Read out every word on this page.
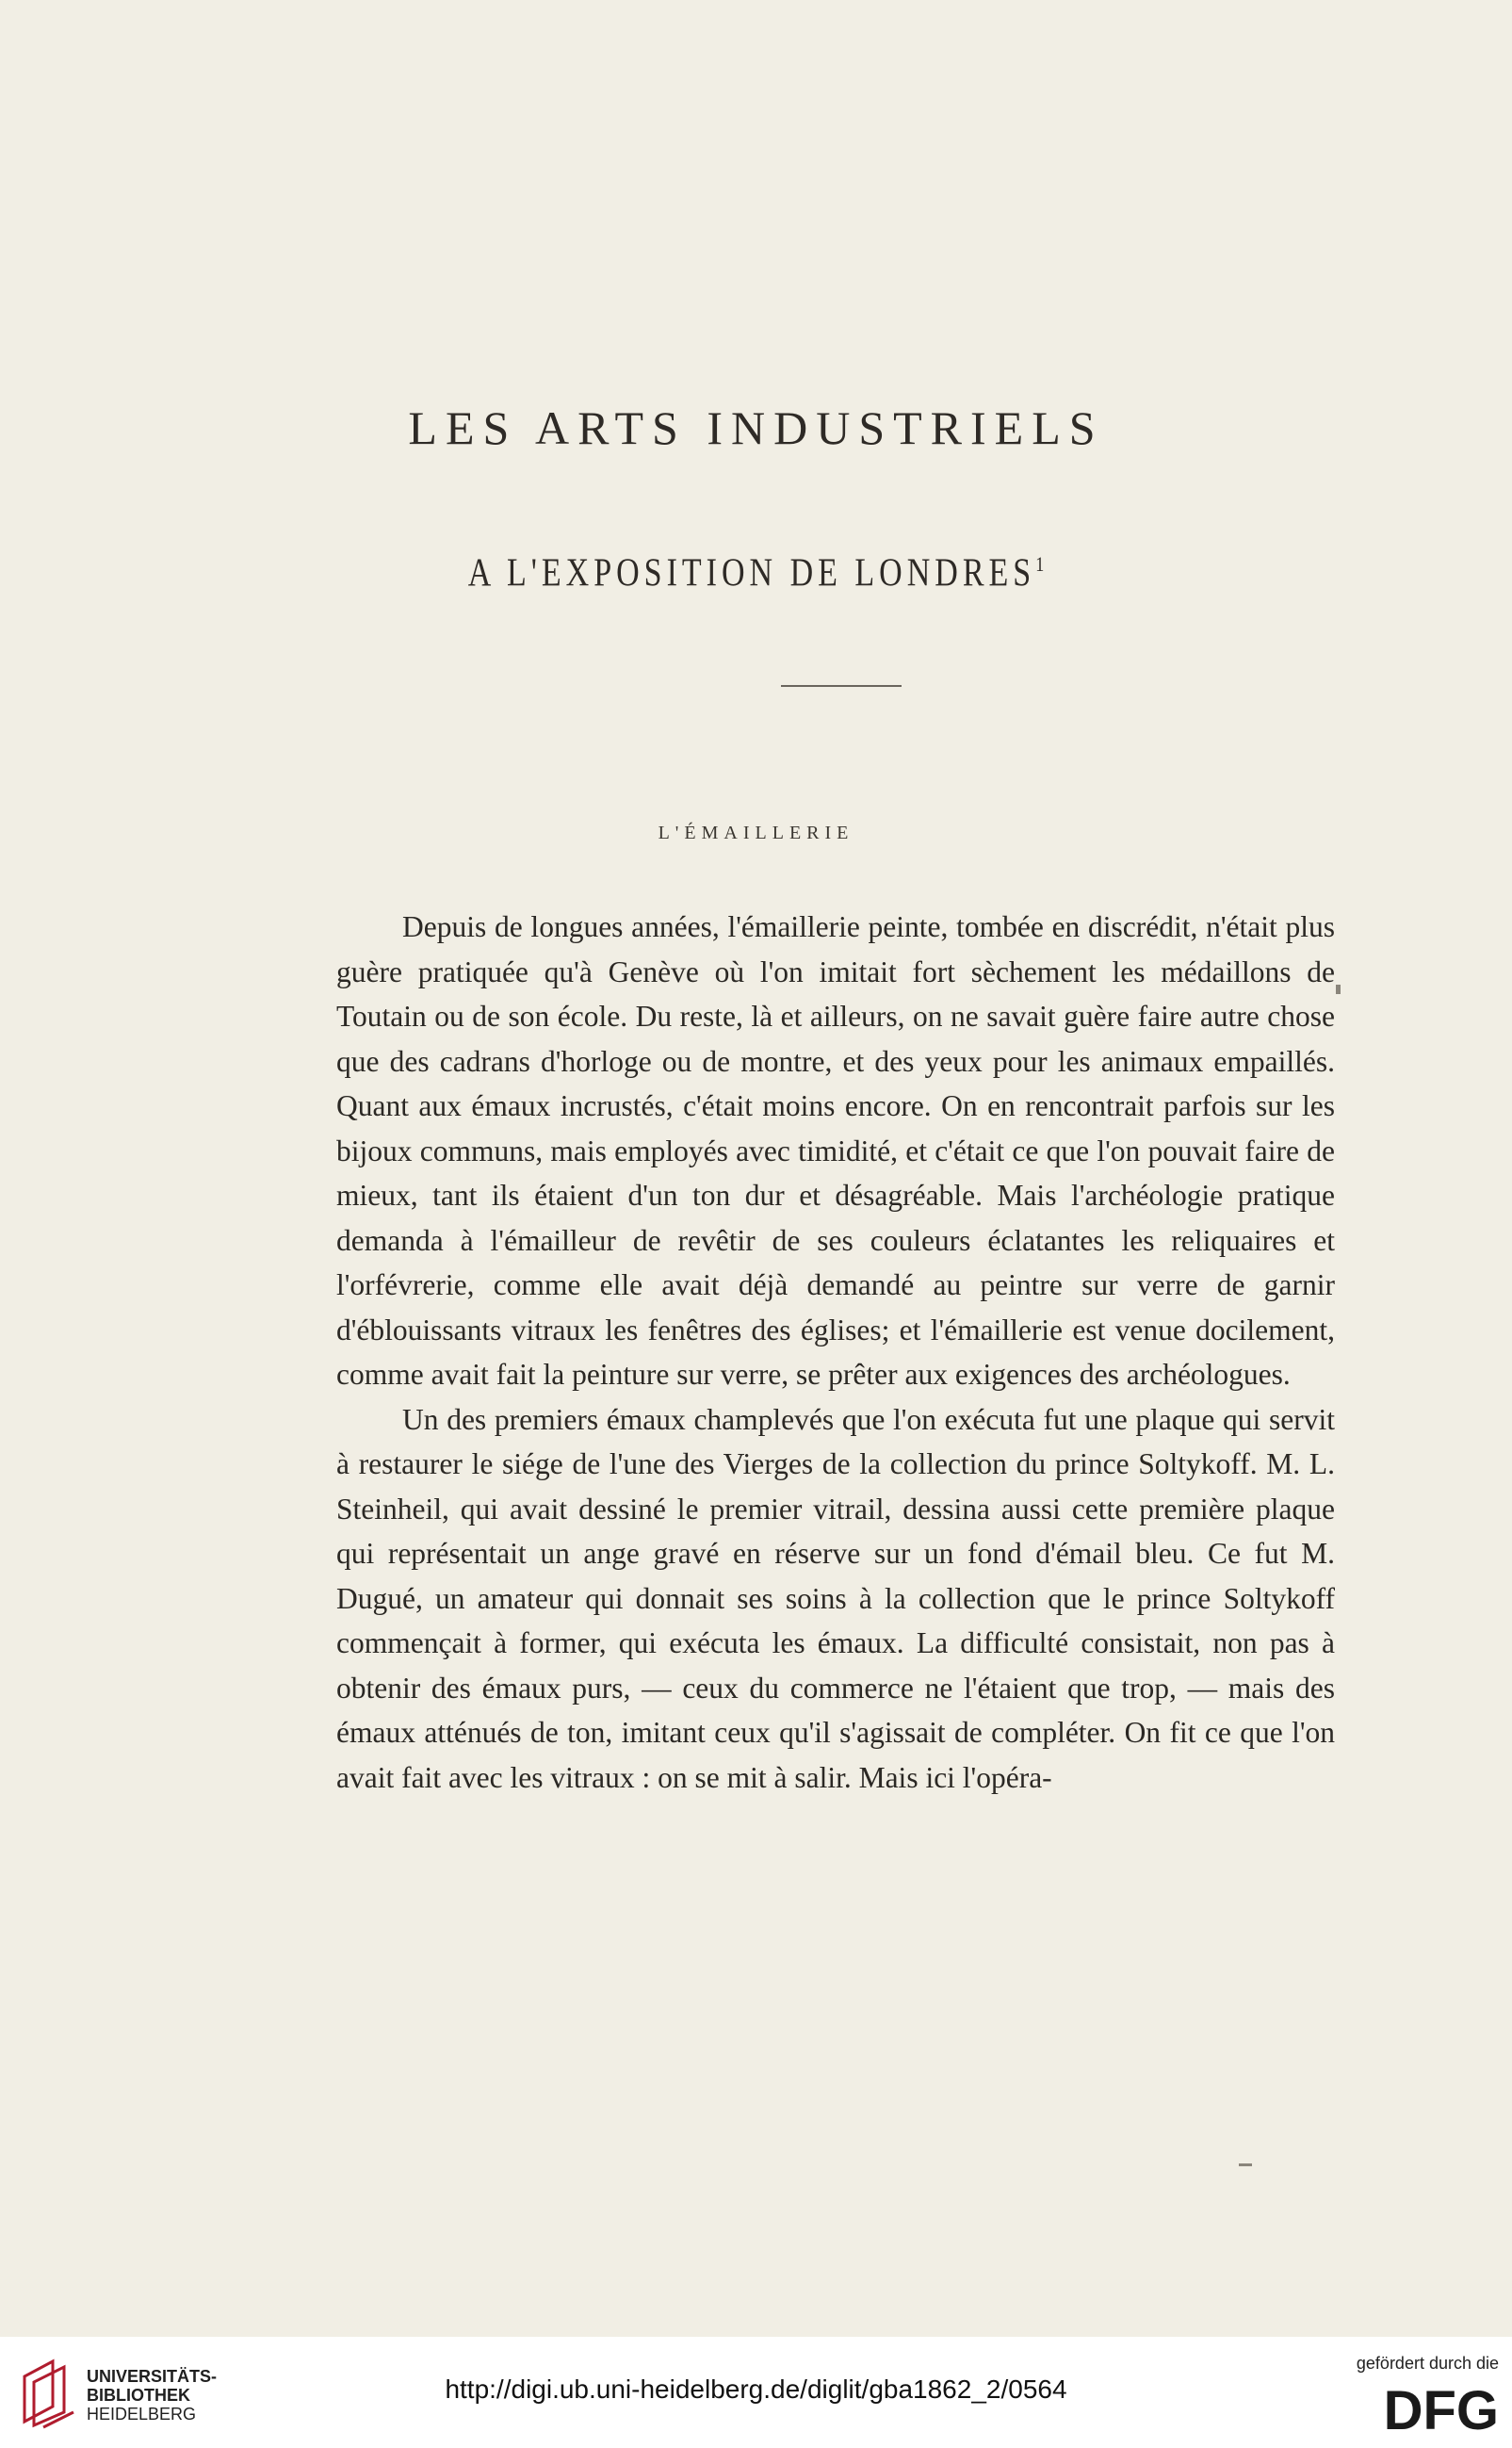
LES ARTS INDUSTRIELS
A L'EXPOSITION DE LONDRES$^1$
L'ÉMAILLERIE

Depuis de longues années, l'émaillerie peinte, tombée en discrédit, n'était plus guère pratiquée qu'à Genève où l'on imitait fort sèchement les médaillons de Toutain ou de son école. Du reste, là et ailleurs, on ne savait guère faire autre chose que des cadrans d'horloge ou de montre, et des yeux pour les animaux empaillés. Quant aux émaux incrustés, c'était moins encore. On en rencontrait parfois sur les bijoux communs, mais employés avec timidité, et c'était ce que l'on pouvait faire de mieux, tant ils étaient d'un ton dur et désagréable. Mais l'archéologie pratique demanda à l'émailleur de revêtir de ses couleurs éclatantes les reliquaires et l'orfévrerie, comme elle avait déjà demandé au peintre sur verre de garnir d'éblouissants vitraux les fenêtres des églises; et l'émaillerie est venue docilement, comme avait fait la peinture sur verre, se prêter aux exigences des archéologues.

Un des premiers émaux champlevés que l'on exécuta fut une plaque qui servit à restaurer le siége de l'une des Vierges de la collection du prince Soltykoff. M. L. Steinheil, qui avait dessiné le premier vitrail, dessina aussi cette première plaque qui représentait un ange gravé en réserve sur un fond d'émail bleu. Ce fut M. Dugué, un amateur qui donnait ses soins à la collection que le prince Soltykoff commençait à former, qui exécuta les émaux. La difficulté consistait, non pas à obtenir des émaux purs, — ceux du commerce ne l'étaient que trop, — mais des émaux atténués de ton, imitant ceux qu'il s'agissait de compléter. On fit ce que l'on avait fait avec les vitraux : on se mit à salir. Mais ici l'opéra-

UNIVERSITÄTS-
BIBLIOTHEK
HEIDELBERG
http://digi.ub.uni-heidelberg.de/diglit/gba1862_2/0564
gefördert durch die
DFG
